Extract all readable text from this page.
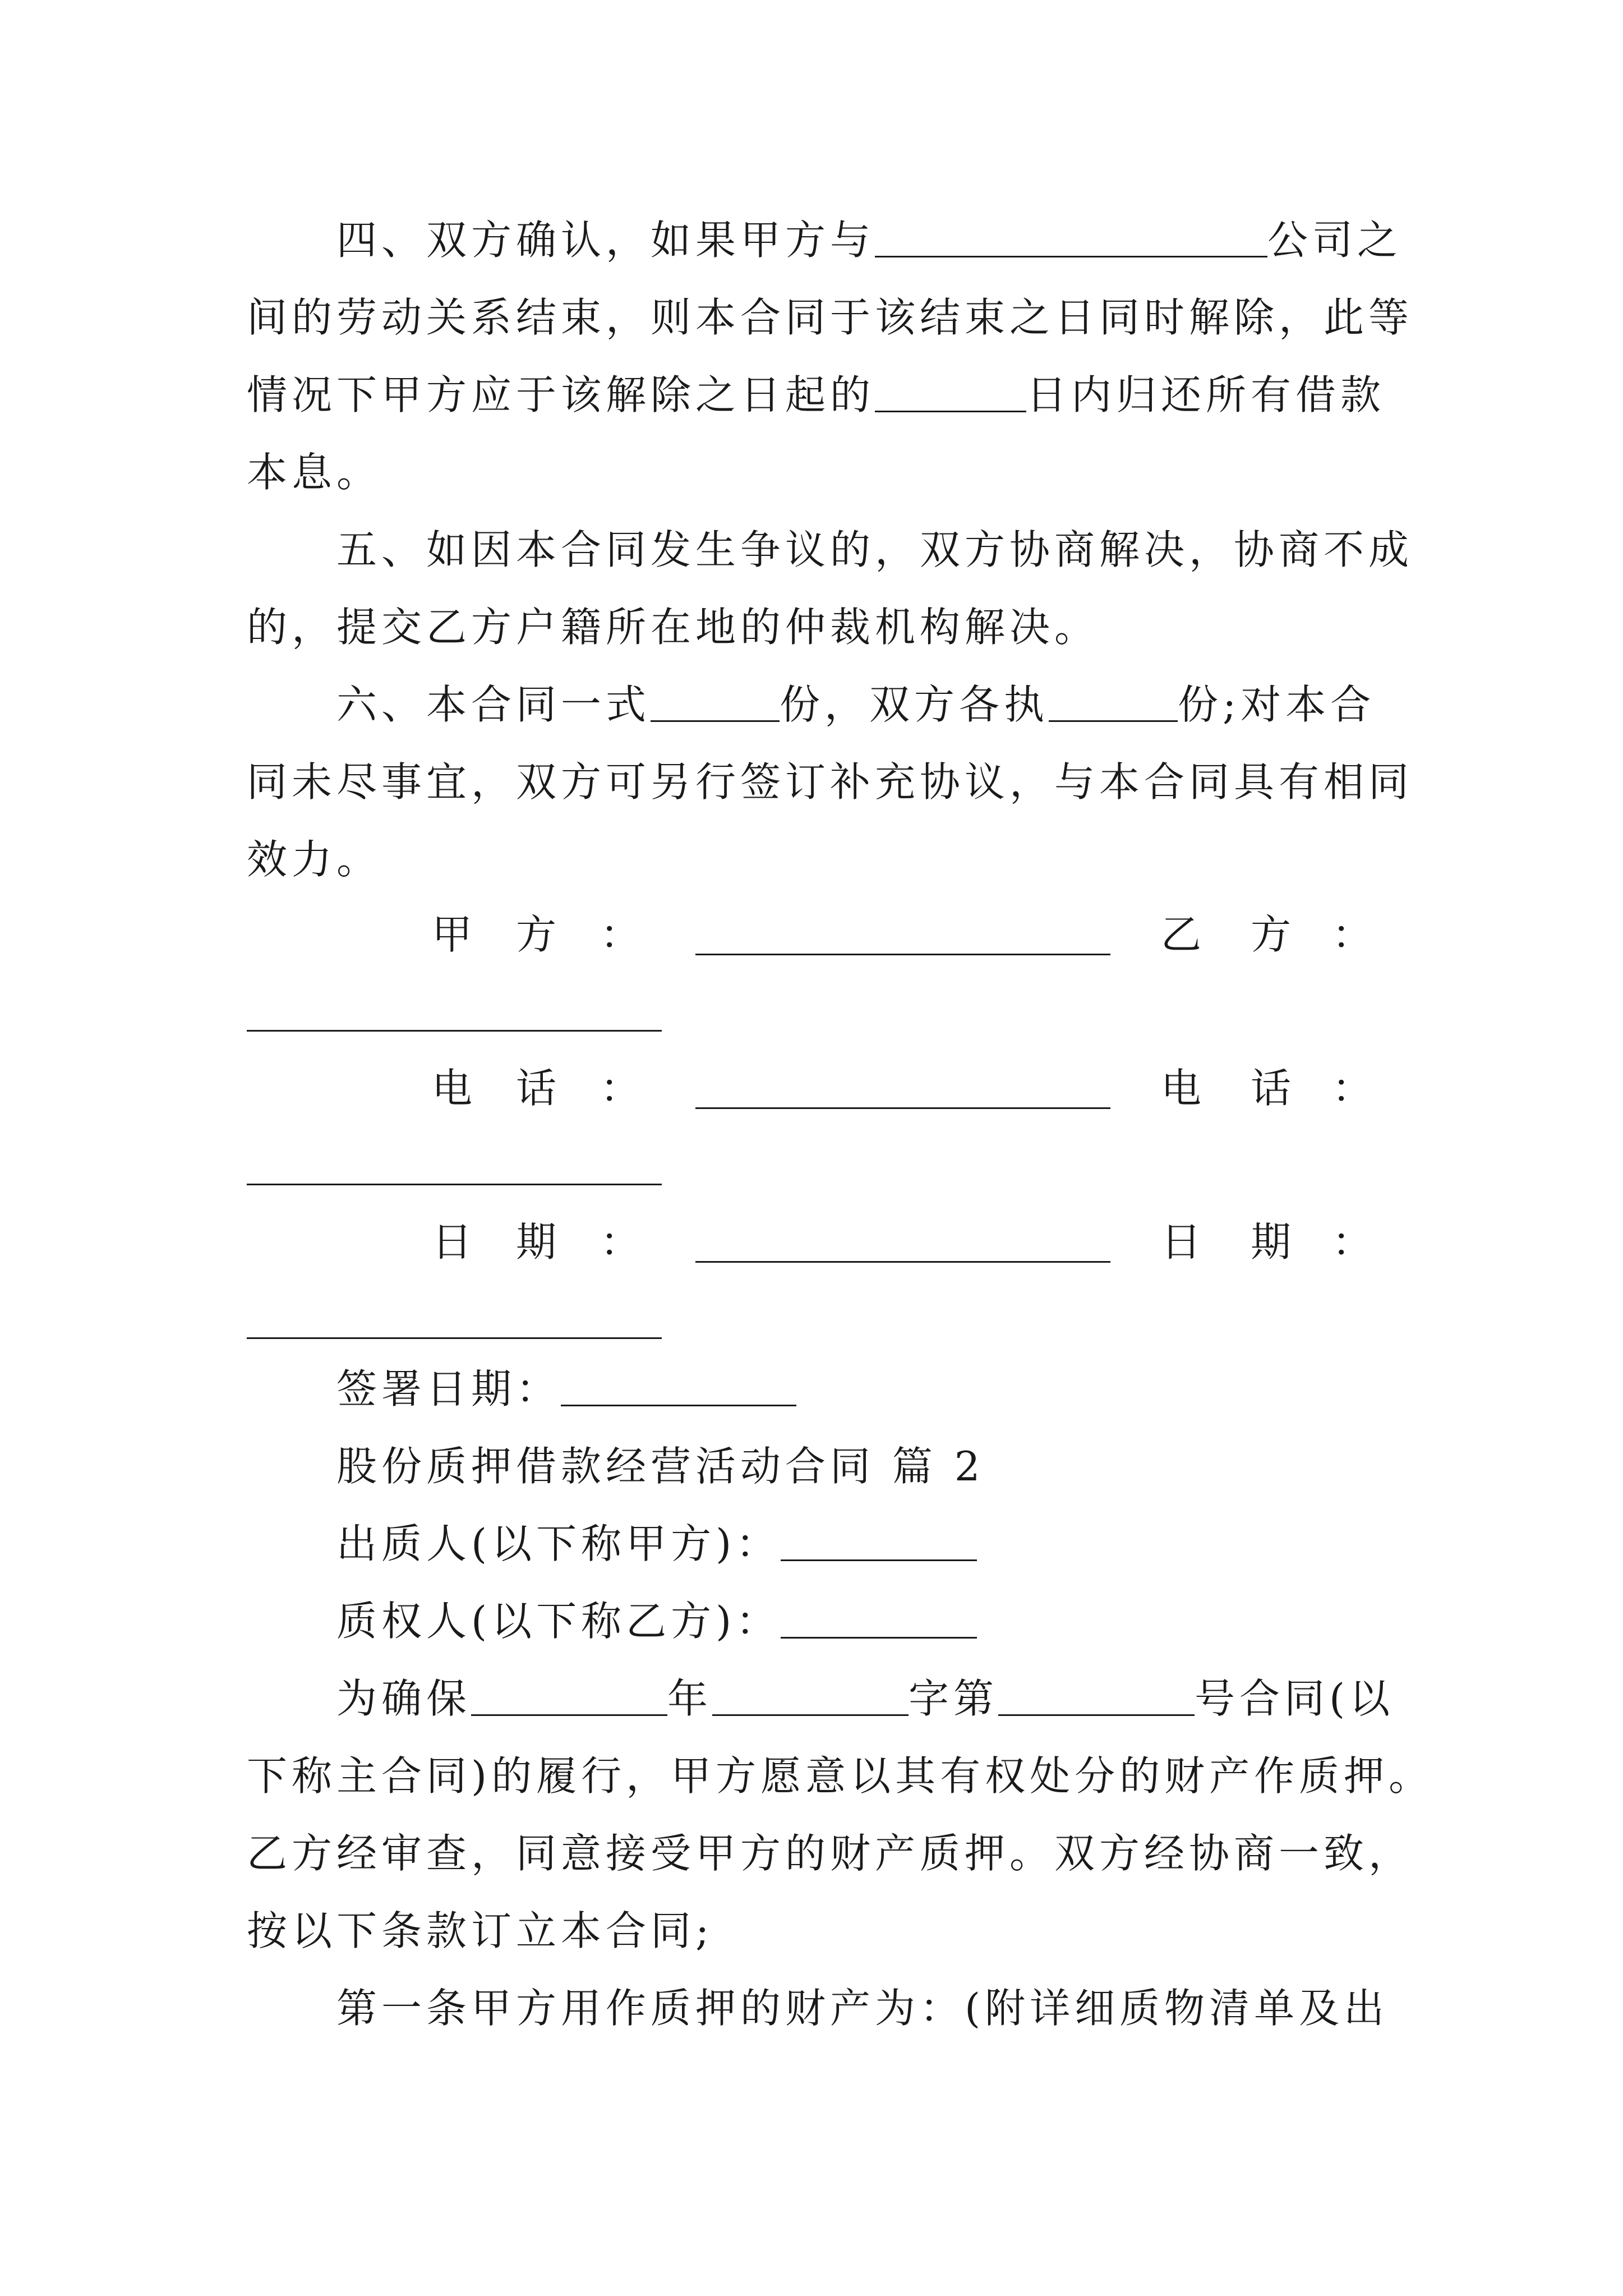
四、双方确认，如果甲方与	公司之
间的劳动关系结束，则本合同于该结束之日同时解除，此等
情况下甲方应于该解除之日起的	日内归还所有借款
本息。
五、如因本合同发生争议的，双方协商解决，协商不成
的，提交乙方户籍所在地的仲裁机构解决。
六、本合同一式	份，双方各执	份;对本合
同未尽事宜，双方可另行签订补充协议，与本合同具有相同
效力。
甲 方 ：	乙 方 ：
电 话 ：	电 话 ：
日 期 ：	日 期 ：
签署日期：
股份质押借款经营活动合同 篇 2
出质人(以下称甲方)：
质权人(以下称乙方)：
为确保	年	字第	号合同(以
下称主合同)的履行，甲方愿意以其有权处分的财产作质押。
乙方经审查，同意接受甲方的财产质押。双方经协商一致，
按以下条款订立本合同;
第一条甲方用作质押的财产为：(附详细质物清单及出
